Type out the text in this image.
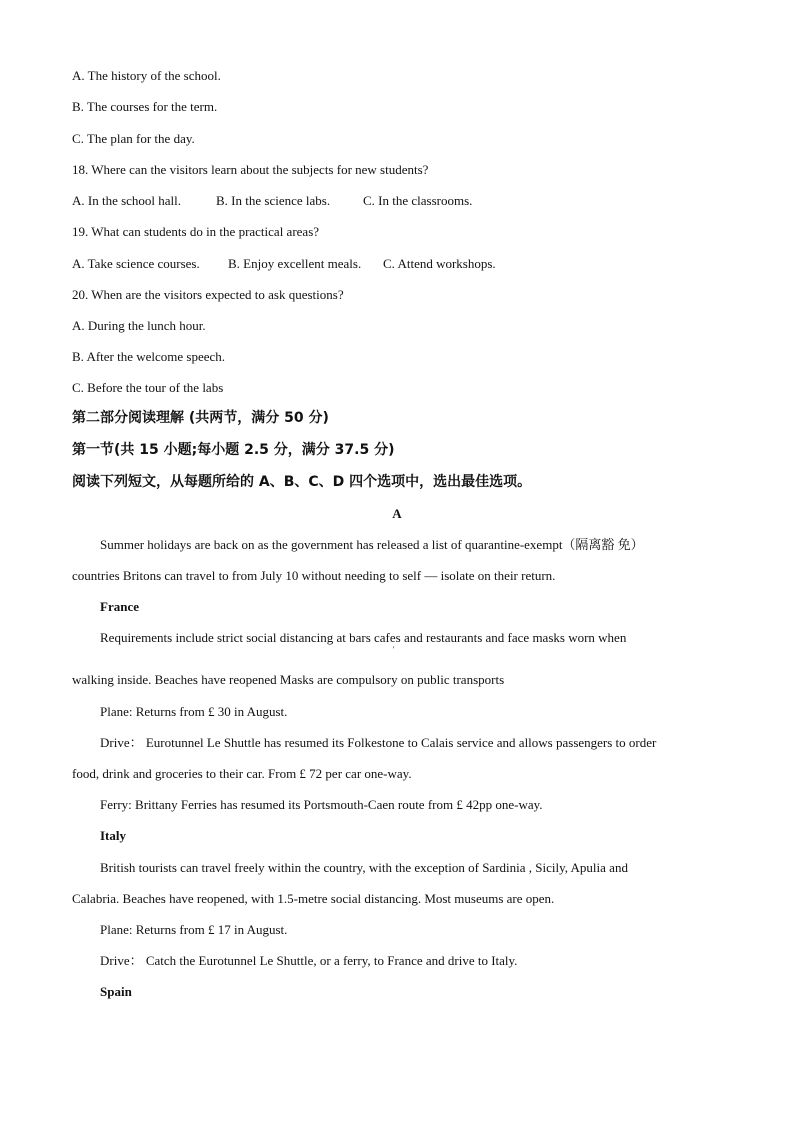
A. The history of the school.
B. The courses for the term.
C. The plan for the day.
18. Where can the visitors learn about the subjects for new students?
A. In the school hall.	B. In the science labs.	C. In the classrooms.
19. What can students do in the practical areas?
A. Take science courses. B. Enjoy excellent meals. C. Attend workshops.
20. When are the visitors expected to ask questions?
A. During the lunch hour.
B. After the welcome speech.
C. Before the tour of the labs
第二部分阅读理解 (共两节，满分 50 分)
第一节(共 15 小题;每小题 2.5 分，满分 37.5 分)
阅读下列短文，从每题所给的 A、B、C、D 四个选项中，选出最佳选项。
A
Summer holidays are back on as the government has released a list of quarantine-exempt（隔离豁 免）
countries Britons can travel to from July 10 without needing to self — isolate on their return.
France
Requirements include strict social distancing at bars cafes and restaurants and face masks worn when
'
walking inside. Beaches have reopened Masks are compulsory on public transports
Plane: Returns from £ 30 in August.
Drive： Eurotunnel Le Shuttle has resumed its Folkestone to Calais service and allows passengers to order
food, drink and groceries to their car. From £ 72 per car one-way.
Ferry: Brittany Ferries has resumed its Portsmouth-Caen route from £ 42pp one-way.
Italy
British tourists can travel freely within the country, with the exception of Sardinia , Sicily, Apulia and
Calabria. Beaches have reopened, with 1.5-metre social distancing. Most museums are open.
Plane: Returns from £ 17 in August.
Drive： Catch the Eurotunnel Le Shuttle, or a ferry, to France and drive to Italy.
Spain
